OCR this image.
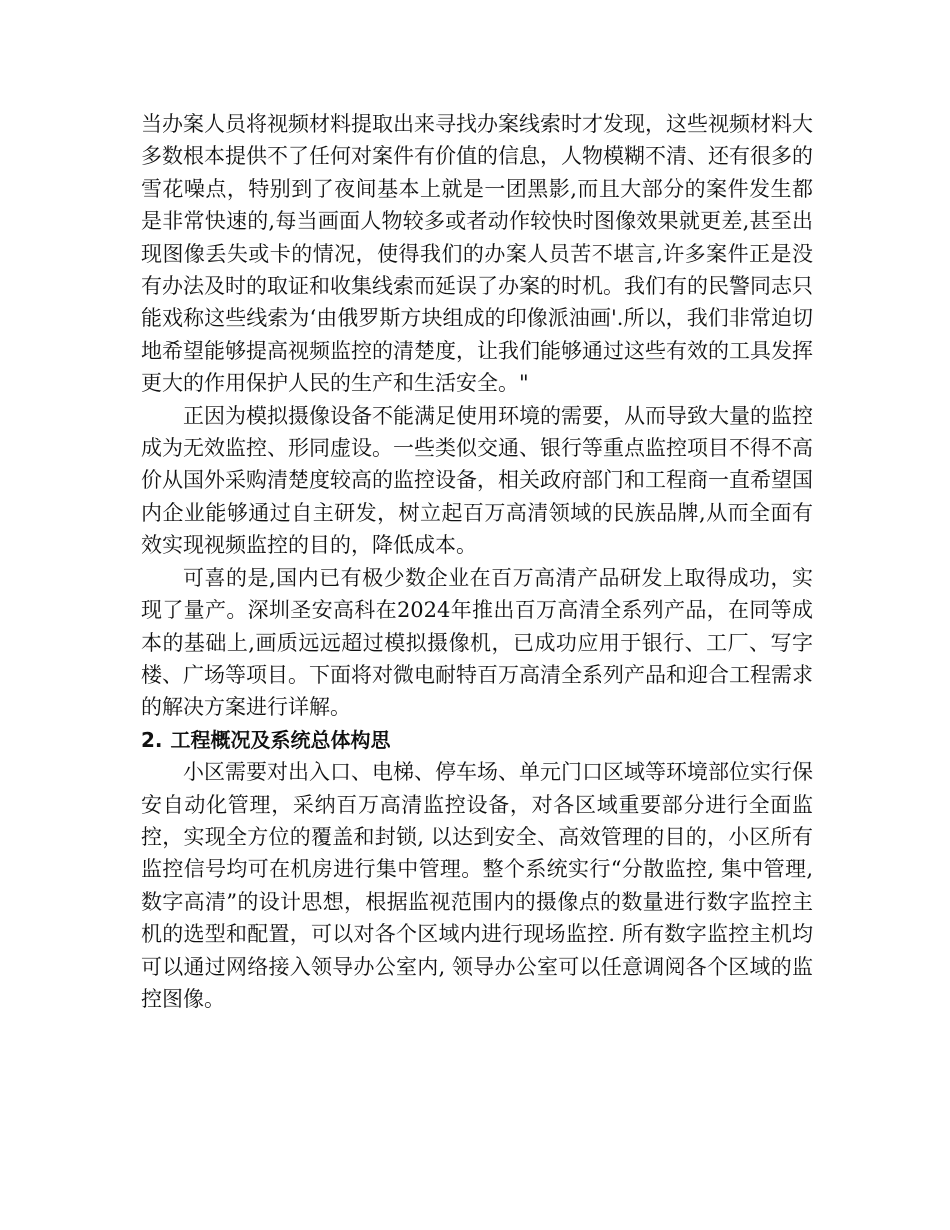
当办案人员将视频材料提取出来寻找办案线索时才发现，这些视频材料大多数根本提供不了任何对案件有价值的信息，人物模糊不清、还有很多的雪花噪点，特别到了夜间基本上就是一团黑影,而且大部分的案件发生都是非常快速的,每当画面人物较多或者动作较快时图像效果就更差,甚至出现图像丢失或卡的情况，使得我们的办案人员苦不堪言,许多案件正是没有办法及时的取证和收集线索而延误了办案的时机。我们有的民警同志只能戏称这些线索为‘由俄罗斯方块组成的印像派油画'.所以，我们非常迫切地希望能够提高视频监控的清楚度，让我们能够通过这些有效的工具发挥更大的作用保护人民的生产和生活安全。"

正因为模拟摄像设备不能满足使用环境的需要，从而导致大量的监控成为无效监控、形同虚设。一些类似交通、银行等重点监控项目不得不高价从国外采购清楚度较高的监控设备，相关政府部门和工程商一直希望国内企业能够通过自主研发，树立起百万高清领域的民族品牌,从而全面有效实现视频监控的目的，降低成本。

可喜的是,国内已有极少数企业在百万高清产品研发上取得成功，实现了量产。深圳圣安高科在2024年推出百万高清全系列产品，在同等成本的基础上,画质远远超过模拟摄像机，已成功应用于银行、工厂、写字楼、广场等项目。下面将对微电耐特百万高清全系列产品和迎合工程需求的解决方案进行详解。

2. 工程概况及系统总体构思

小区需要对出入口、电梯、停车场、单元门口区域等环境部位实行保安自动化管理，采纳百万高清监控设备，对各区域重要部分进行全面监控，实现全方位的覆盖和封锁, 以达到安全、高效管理的目的，小区所有监控信号均可在机房进行集中管理。整个系统实行“分散监控, 集中管理, 数字高清”的设计思想，根据监视范围内的摄像点的数量进行数字监控主机的选型和配置，可以对各个区域内进行现场监控. 所有数字监控主机均可以通过网络接入领导办公室内, 领导办公室可以任意调阅各个区域的监控图像。
